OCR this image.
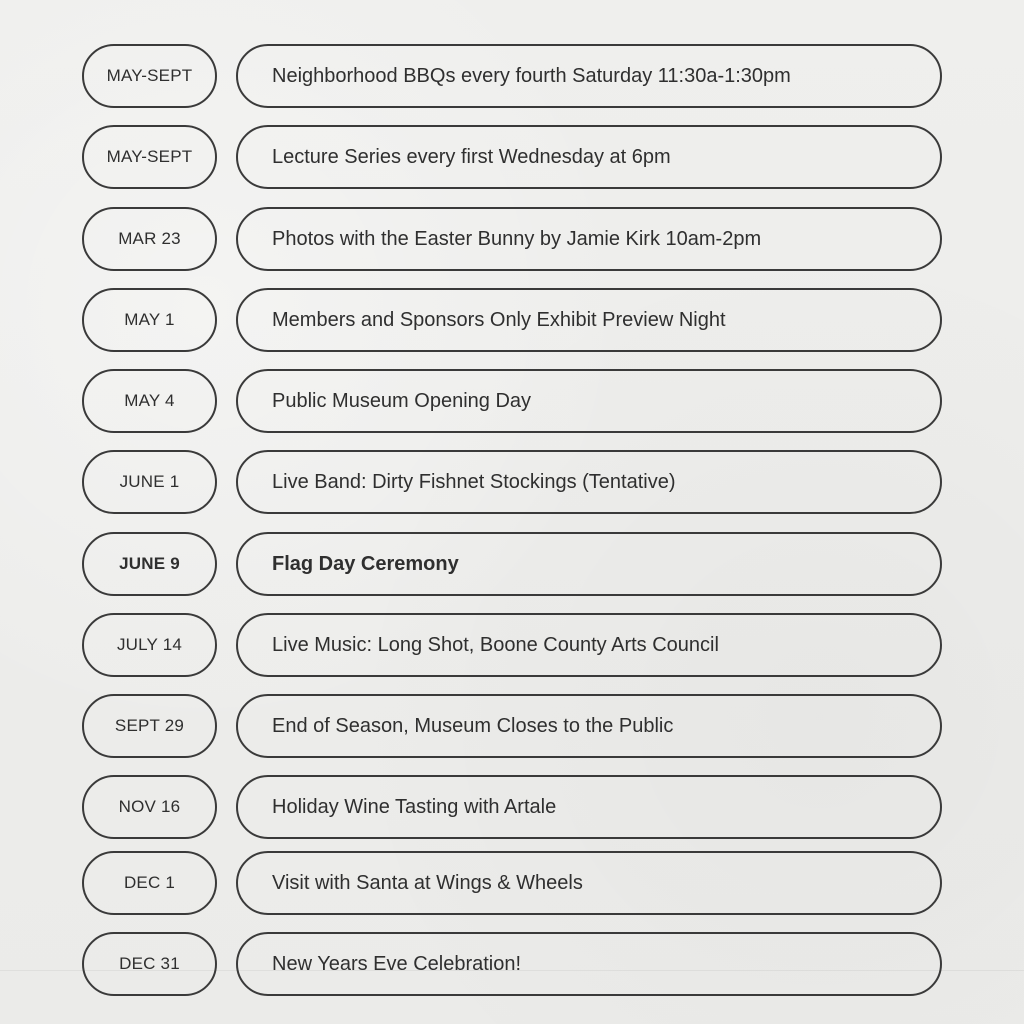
MAY-SEPT	Neighborhood BBQs every fourth Saturday 11:30a-1:30pm
MAY-SEPT	Lecture Series every first Wednesday at 6pm
MAR 23	Photos with the Easter Bunny by Jamie Kirk 10am-2pm
MAY 1	Members and Sponsors Only Exhibit Preview Night
MAY 4	Public Museum Opening Day
JUNE 1	Live Band: Dirty Fishnet Stockings (Tentative)
JUNE 9	Flag Day Ceremony
JULY 14	Live Music: Long Shot, Boone County Arts Council
SEPT 29	End of Season, Museum Closes to the Public
NOV 16	Holiday Wine Tasting with Artale
DEC 1	Visit with Santa at Wings & Wheels
DEC 31	New Years Eve Celebration!
